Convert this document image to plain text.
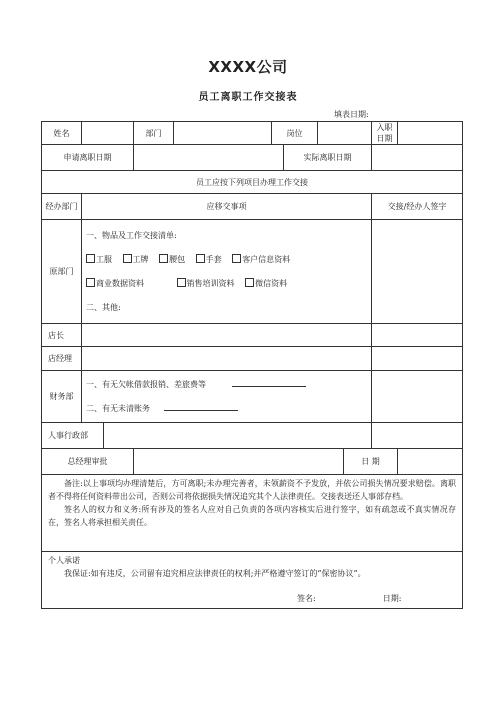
XXXX公司
员工离职工作交接表
填表日期:
姓名			部门		岗位				入职日期	
申请离职日期						实际离职日期				
员工应按下列项目办理工作交接										
经办部门	应移交事项								交接/经办人签字	
原部门	一、物品及工作交接清单:
工服 工牌 腰包 手套 客户信息资料
商业数据资料 销售培训资料 微信资料
二、其他:									

店长										
店经理										
财务部	一、有无欠帐借款报销、差旅费等
二、有无未清账务									

人事行政部										
总经理审批								日 期		

备注:以上事项均办理清楚后，方可离职;未办理完善者，未领薪资不予发放，并依公司损失情况要求赔偿。离职者不得将任何资料带出公司，否则公司将依据损失情况追究其个人法律责任。交接表送还人事部存档。
签名人的权力和义务:所有涉及的签名人应对自己负责的各项内容核实后进行签字，如有疏忽或不真实情况存在，签名人将承担相关责任。										

个人承诺
我保证:如有违反，公司留有追究相应法律责任的权利;并严格遵守签订的“保密协议”。
签名: 日期:										
